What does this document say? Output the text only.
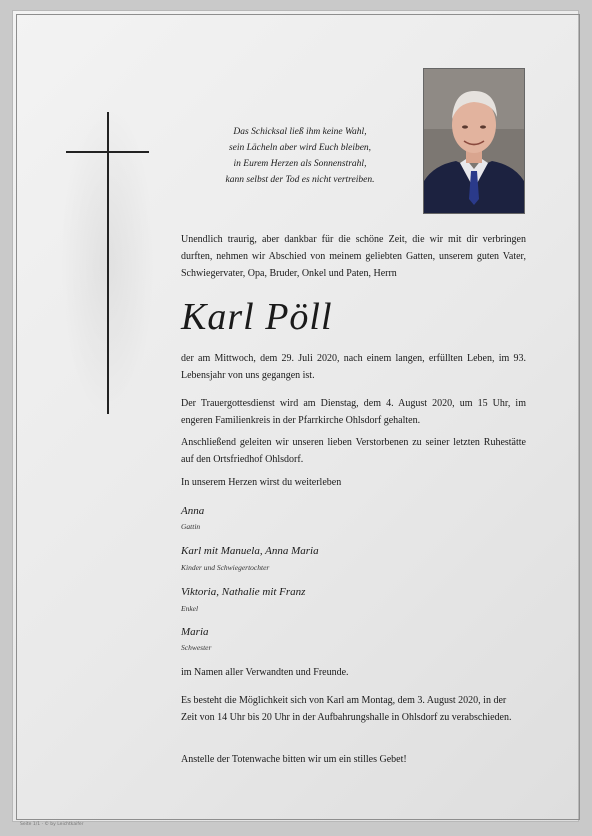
Das Schicksal ließ ihm keine Wahl,
sein Lächeln aber wird Euch bleiben,
in Eurem Herzen als Sonnenstrahl,
kann selbst der Tod es nicht vertreiben.
Unendlich traurig, aber dankbar für die schöne Zeit, die wir mit dir verbringen durften, nehmen wir Abschied von meinem geliebten Gatten, unserem guten Vater, Schwiegervater, Opa, Bruder, Onkel und Paten, Herrn
Karl Pöll
der am Mittwoch, dem 29. Juli 2020, nach einem langen, erfüllten Leben, im 93. Lebensjahr von uns gegangen ist.
Der Trauergottesdienst wird am Dienstag, dem 4. August 2020, um 15 Uhr, im engeren Familienkreis in der Pfarrkirche Ohlsdorf gehalten.
Anschließend geleiten wir unseren lieben Verstorbenen zu seiner letzten Ruhestätte auf den Ortsfriedhof Ohlsdorf.
In unserem Herzen wirst du weiterleben
Anna
Gattin
Karl mit Manuela, Anna Maria
Kinder und Schwiegertochter
Viktoria, Nathalie mit Franz
Enkel
Maria
Schwester
im Namen aller Verwandten und Freunde.
Es besteht die Möglichkeit sich von Karl am Montag, dem 3. August 2020, in der Zeit von 14 Uhr bis 20 Uhr in der Aufbahrungshalle in Ohlsdorf zu verabschieden.
Anstelle der Totenwache bitten wir um ein stilles Gebet!
Seite 1/1 · © by Leichtkaifer
